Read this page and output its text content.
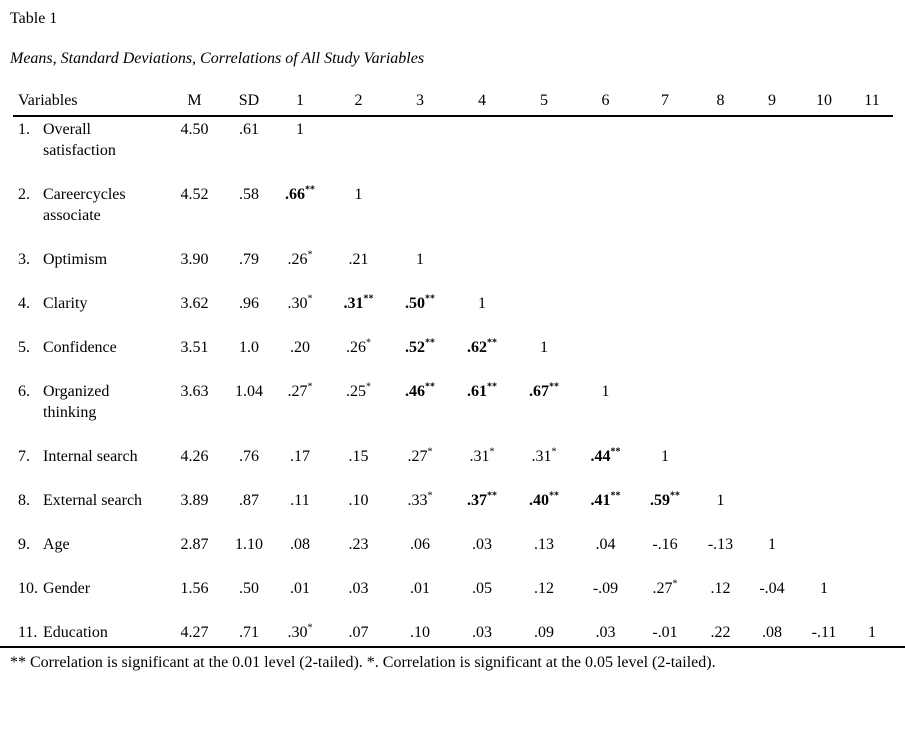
Table 1
Means, Standard Deviations, Correlations of All Study Variables
Variables		M	SD	1	2	3	4	5	6	7	8	9	10	11
1.	Overall satisfaction	4.50	.61	1										
2.	Careercycles associate	4.52	.58	.66**	1									
3.	Optimism	3.90	.79	.26*	.21	1								
4.	Clarity	3.62	.96	.30*	.31**	.50**	1							
5.	Confidence	3.51	1.0	.20	.26*	.52**	.62**	1						
6.	Organized thinking	3.63	1.04	.27*	.25*	.46**	.61**	.67**	1					
7.	Internal search	4.26	.76	.17	.15	.27*	.31*	.31*	.44**	1				
8.	External search	3.89	.87	.11	.10	.33*	.37**	.40**	.41**	.59**	1			
9.	Age	2.87	1.10	.08	.23	.06	.03	.13	.04	-.16	-.13	1		
10.	Gender	1.56	.50	.01	.03	.01	.05	.12	-.09	.27*	.12	-.04	1	
11.	Education	4.27	.71	.30*	.07	.10	.03	.09	.03	-.01	.22	.08	-.11	1
** Correlation is significant at the 0.01 level (2-tailed). *. Correlation is significant at the 0.05 level (2-tailed).
